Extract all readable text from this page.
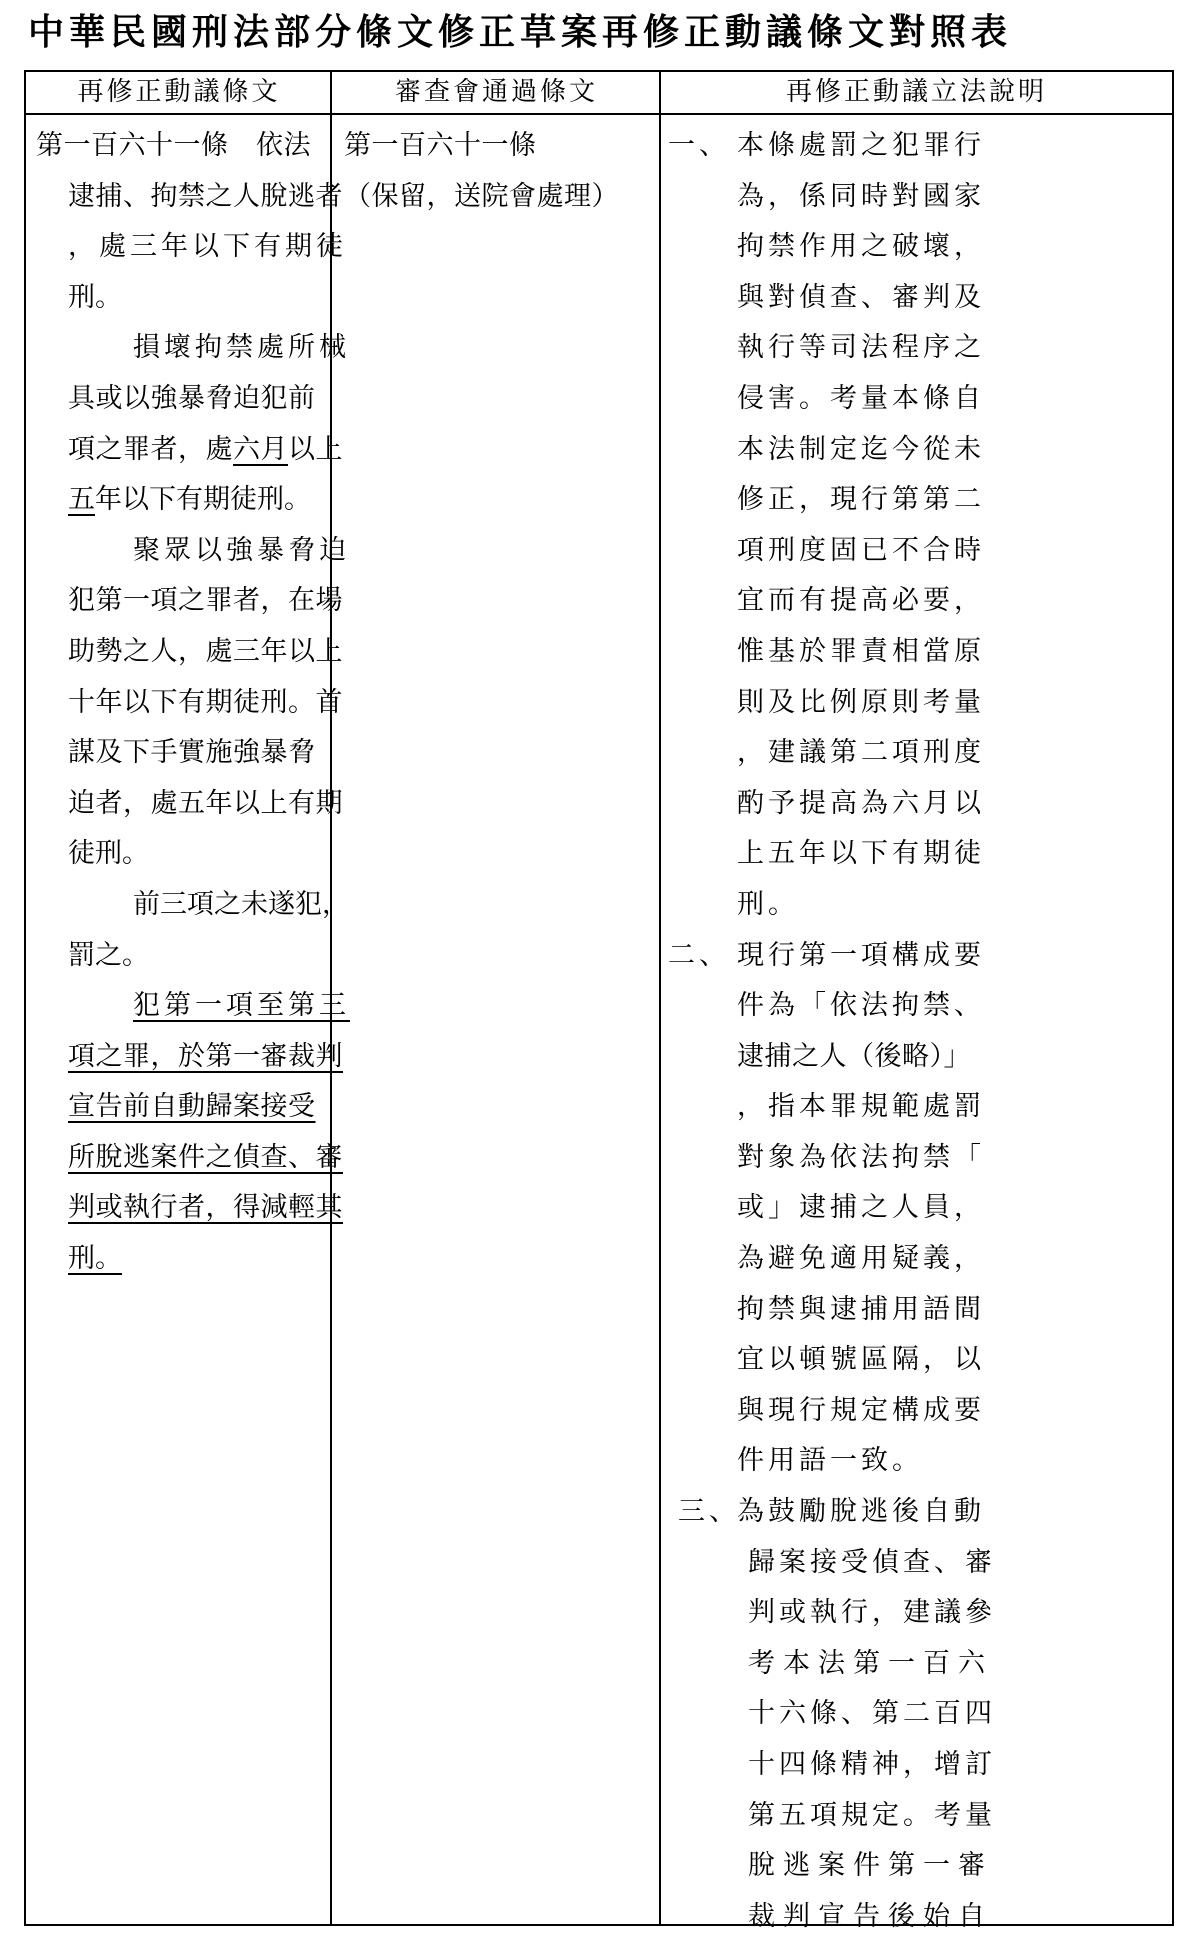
中華民國刑法部分條文修正草案再修正動議條文對照表
再修正動議條文	審查會通過條文	再修正動議立法說明
第一百六十一條　依法
逮捕、拘禁之人脫逃者
，處三年以下有期徒
刑。
損壞拘禁處所械
具或以強暴脅迫犯前
項之罪者，處六月以上
五年以下有期徒刑。
聚眾以強暴脅迫
犯第一項之罪者，在場
助勢之人，處三年以上
十年以下有期徒刑。首
謀及下手實施強暴脅
迫者，處五年以上有期
徒刑。
前三項之未遂犯，
罰之。
犯第一項至第三
項之罪，於第一審裁判
宣告前自動歸案接受
所脫逃案件之偵查、審
判或執行者，得減輕其
刑。
第一百六十一條
（保留，送院會處理）
一、 本條處罰之犯罪行
為，係同時對國家
拘禁作用之破壞，
與對偵查、審判及
執行等司法程序之
侵害。考量本條自
本法制定迄今從未
修正，現行第第二
項刑度固已不合時
宜而有提高必要，
惟基於罪責相當原
則及比例原則考量
，建議第二項刑度
酌予提高為六月以
上五年以下有期徒
刑。
二、 現行第一項構成要
件為「依法拘禁、
逮捕之人（後略）」
，指本罪規範處罰
對象為依法拘禁「
或」逮捕之人員，
為避免適用疑義，
拘禁與逮捕用語間
宜以頓號區隔，以
與現行規定構成要
件用語一致。
三、為鼓勵脫逃後自動
歸案接受偵查、審
判或執行，建議參
考本法第一百六
十六條、第二百四
十四條精神，增訂
第五項規定。考量
脫逃案件第一審
裁判宣告後始自
